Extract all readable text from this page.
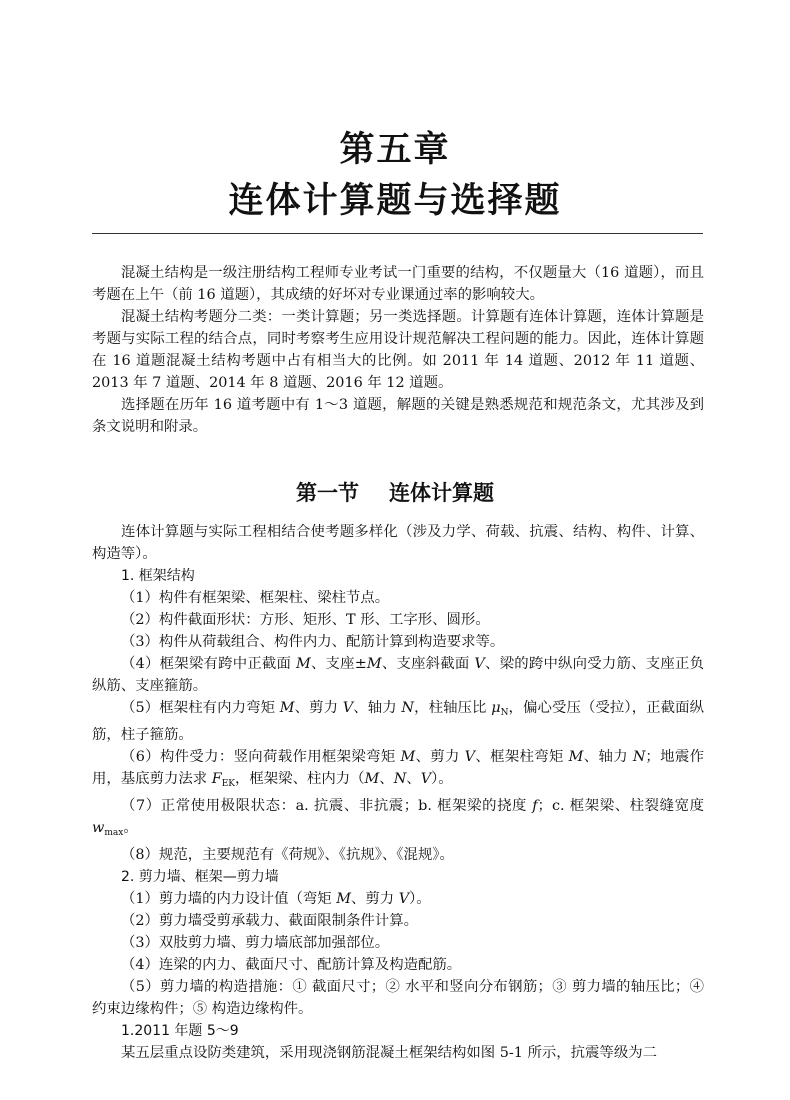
第五章
连体计算题与选择题

混凝土结构是一级注册结构工程师专业考试一门重要的结构，不仅题量大（16 道题），而且考题在上午（前 16 道题），其成绩的好坏对专业课通过率的影响较大。

混凝土结构考题分二类：一类计算题；另一类选择题。计算题有连体计算题，连体计算题是考题与实际工程的结合点，同时考察考生应用设计规范解决工程问题的能力。因此，连体计算题在 16 道题混凝土结构考题中占有相当大的比例。如 2011 年 14 道题、2012 年 11 道题、2013 年 7 道题、2014 年 8 道题、2016 年 12 道题。

选择题在历年 16 道考题中有 1～3 道题，解题的关键是熟悉规范和规范条文，尤其涉及到条文说明和附录。

第一节 连体计算题

连体计算题与实际工程相结合使考题多样化（涉及力学、荷载、抗震、结构、构件、计算、构造等）。

1. 框架结构

（1）构件有框架梁、框架柱、梁柱节点。

（2）构件截面形状：方形、矩形、T 形、工字形、圆形。

（3）构件从荷载组合、构件内力、配筋计算到构造要求等。

（4）框架梁有跨中正截面 M、支座±M、支座斜截面 V、梁的跨中纵向受力筋、支座正负纵筋、支座箍筋。

（5）框架柱有内力弯矩 M、剪力 V、轴力 N，柱轴压比 $\mu_N$，偏心受压（受拉），正截面纵筋，柱子箍筋。

（6）构件受力：竖向荷载作用框架梁弯矩 M、剪力 V、框架柱弯矩 M、轴力 N；地震作用，基底剪力法求 $F_{EK}$，框架梁、柱内力（M、N、V）。

（7）正常使用极限状态：a. 抗震、非抗震；b. 框架梁的挠度 f；c. 框架梁、柱裂缝宽度 $w_{max}$。

（8）规范，主要规范有《荷规》、《抗规》、《混规》。

2. 剪力墙、框架—剪力墙

（1）剪力墙的内力设计值（弯矩 M、剪力 V）。

（2）剪力墙受剪承载力、截面限制条件计算。

（3）双肢剪力墙、剪力墙底部加强部位。

（4）连梁的内力、截面尺寸、配筋计算及构造配筋。

（5）剪力墙的构造措施：① 截面尺寸；② 水平和竖向分布钢筋；③ 剪力墙的轴压比；④ 约束边缘构件；⑤ 构造边缘构件。

1.2011 年题 5～9

某五层重点设防类建筑，采用现浇钢筋混凝土框架结构如图 5-1 所示，抗震等级为二
